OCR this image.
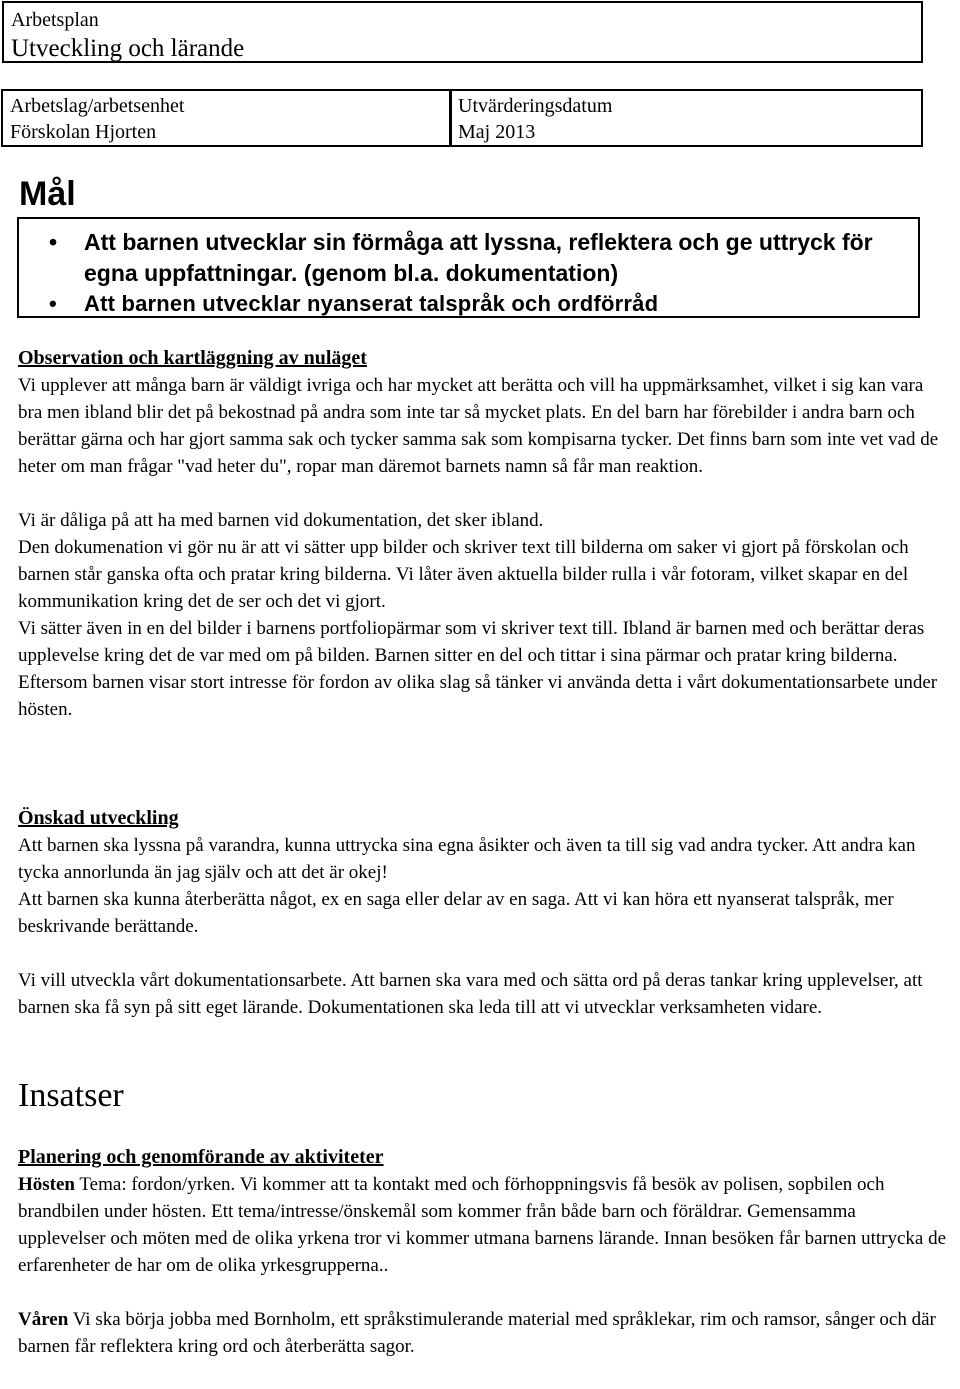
Arbetsplan
Utveckling och lärande
Arbetslag/arbetsenhet
Förskolan Hjorten
Utvärderingsdatum
Maj 2013
Mål
• Att barnen utvecklar sin förmåga att lyssna, reflektera och ge uttryck för egna uppfattningar. (genom bl.a. dokumentation)
• Att barnen utvecklar nyanserat talspråk och ordförråd
Observation och kartläggning av nuläget

Vi upplever att många barn är väldigt ivriga och har mycket att berätta och vill ha uppmärksamhet, vilket i sig kan vara bra men ibland blir det på bekostnad på andra som inte tar så mycket plats. En del barn har förebilder i andra barn och berättar gärna och har gjort samma sak och tycker samma sak som kompisarna tycker. Det finns barn som inte vet vad de heter om man frågar "vad heter du", ropar man däremot barnets namn så får man reaktion.

Vi är dåliga på att ha med barnen vid dokumentation, det sker ibland.

Den dokumenation vi gör nu är att vi sätter upp bilder och skriver text till bilderna om saker vi gjort på förskolan och barnen står ganska ofta och pratar kring bilderna. Vi låter även aktuella bilder rulla i vår fotoram, vilket skapar en del kommunikation kring det de ser och det vi gjort.

Vi sätter även in en del bilder i barnens portfoliopärmar som vi skriver text till. Ibland är barnen med och berättar deras upplevelse kring det de var med om på bilden. Barnen sitter en del och tittar i sina pärmar och pratar kring bilderna.

Eftersom barnen visar stort intresse för fordon av olika slag så tänker vi använda detta i vårt dokumentationsarbete under hösten.

Önskad utveckling

Att barnen ska lyssna på varandra, kunna uttrycka sina egna åsikter och även ta till sig vad andra tycker. Att andra kan tycka annorlunda än jag själv och att det är okej!

Att barnen ska kunna återberätta något, ex en saga eller delar av en saga. Att vi kan höra ett nyanserat talspråk, mer beskrivande berättande.

Vi vill utveckla vårt dokumentationsarbete. Att barnen ska vara med och sätta ord på deras tankar kring upplevelser, att barnen ska få syn på sitt eget lärande. Dokumentationen ska leda till att vi utvecklar verksamheten vidare.

Insatser
Planering och genomförande av aktiviteter

Hösten Tema: fordon/yrken. Vi kommer att ta kontakt med och förhoppningsvis få besök av polisen, sopbilen och brandbilen under hösten. Ett tema/intresse/önskemål som kommer från både barn och föräldrar. Gemensamma upplevelser och möten med de olika yrkena tror vi kommer utmana barnens lärande. Innan besöken får barnen uttrycka de erfarenheter de har om de olika yrkesgrupperna..

Våren Vi ska börja jobba med Bornholm, ett språkstimulerande material med språklekar, rim och ramsor, sånger och där barnen får reflektera kring ord och återberätta sagor.
